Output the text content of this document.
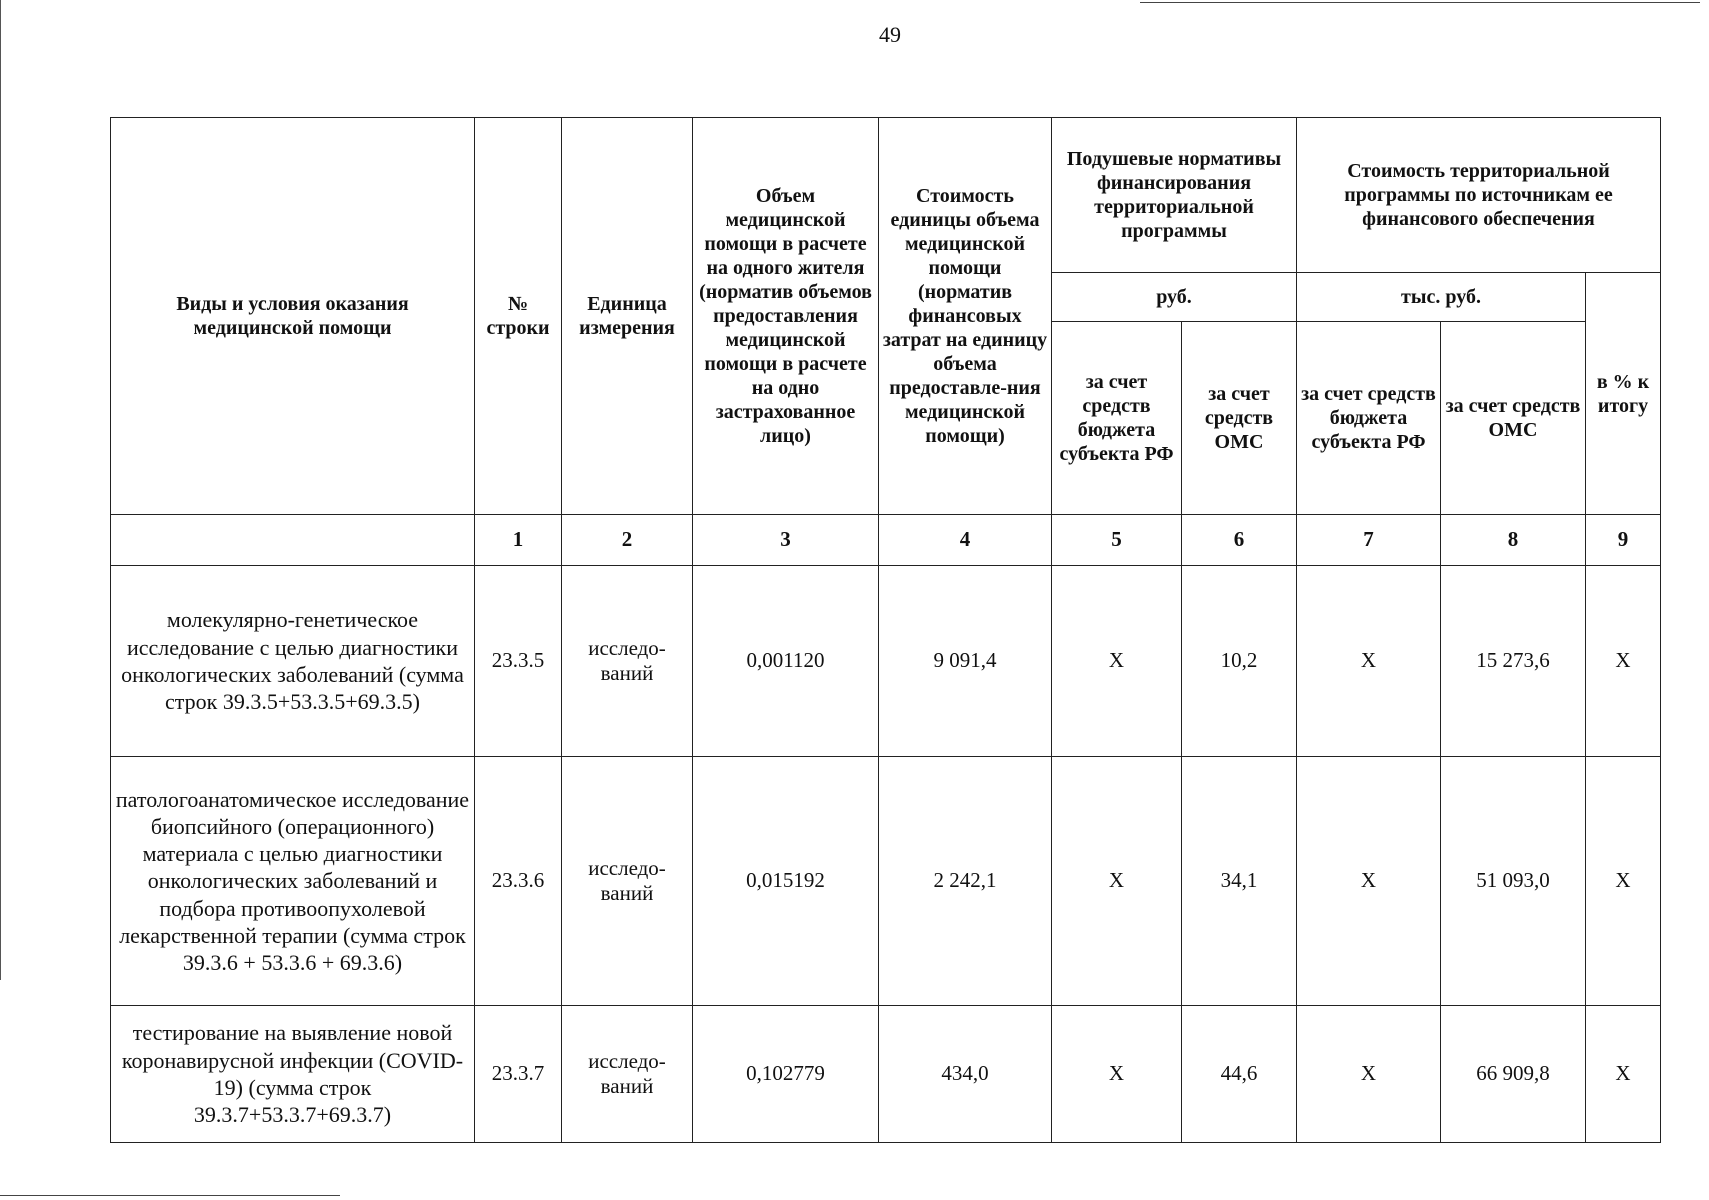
49
Виды и условия оказания медицинской помощи	№ строки	Единица измерения	Объем медицинской помощи в расчете на одного жителя (норматив объемов предоставления медицинской помощи в расчете на одно застрахованное лицо)	Стоимость единицы объема медицинской помощи (норматив финансовых затрат на единицу объема предоставле-ния медицинской помощи)	Подушевые нормативы финансирования территориальной программы		Стоимость территориальной программы по источникам ее финансового обеспечения		
					руб.		тыс. руб.		в % к итогу
					за счет средств бюджета субъекта РФ	за счет средств ОМС	за счет средств бюджета субъекта РФ	за счет средств ОМС	
	1	2	3	4	5	6	7	8	9
молекулярно-генетическое исследование с целью диагностики онкологических заболеваний (сумма строк 39.3.5+53.3.5+69.3.5)	23.3.5	исследо-ваний	0,001120	9 091,4	X	10,2	X	15 273,6	X
патологоанатомическое исследование биопсийного (операционного) материала с целью диагностики онкологических заболеваний и подбора противоопухолевой лекарственной терапии (сумма строк 39.3.6 + 53.3.6 + 69.3.6)	23.3.6	исследо-ваний	0,015192	2 242,1	X	34,1	X	51 093,0	X
тестирование на выявление новой коронавирусной инфекции (COVID-19) (сумма строк 39.3.7+53.3.7+69.3.7)	23.3.7	исследо-ваний	0,102779	434,0	X	44,6	X	66 909,8	X
